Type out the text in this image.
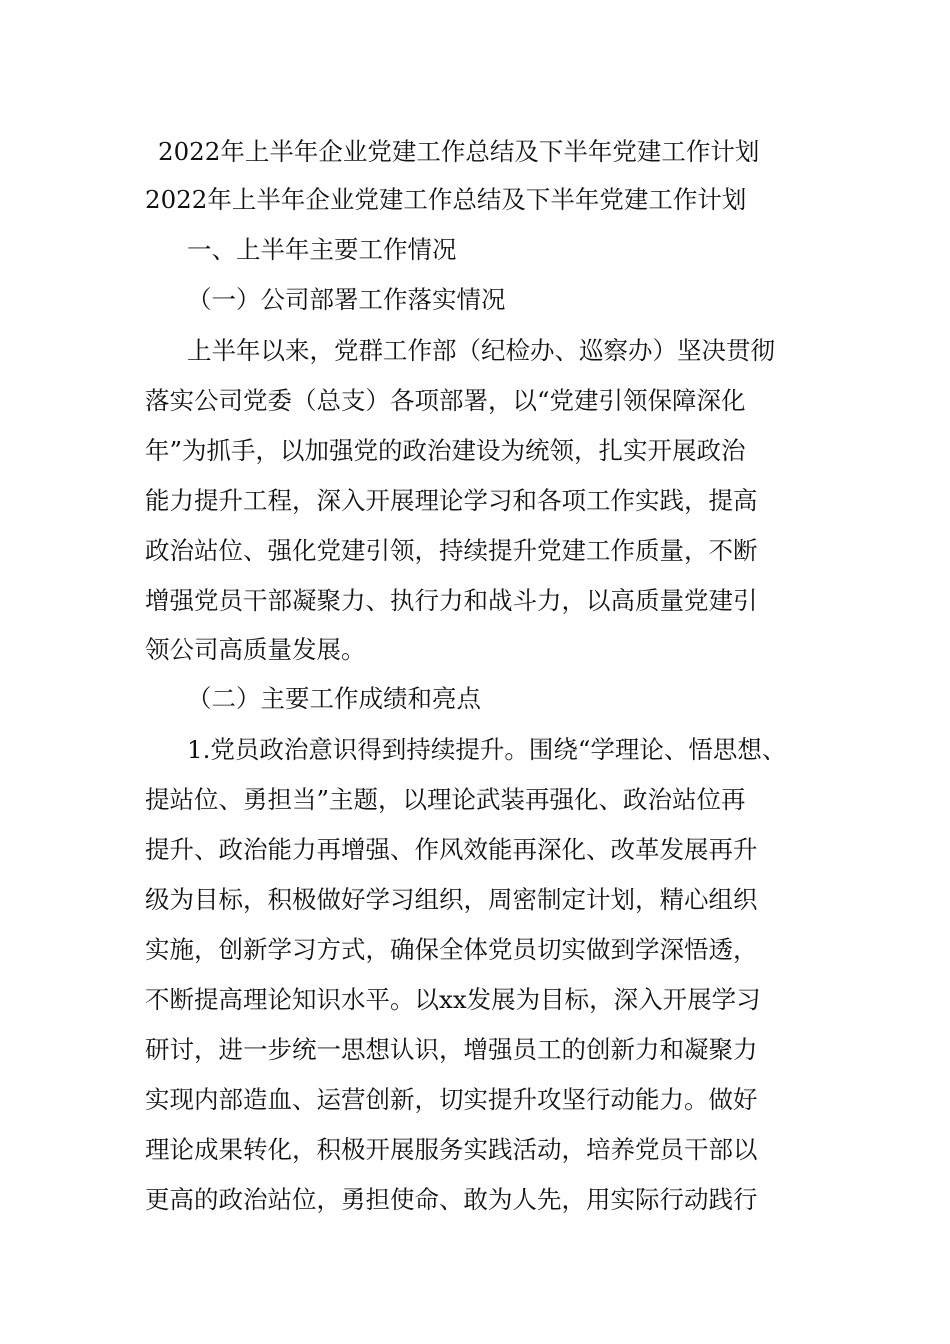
2022年上半年企业党建工作总结及下半年党建工作计划
2022年上半年企业党建工作总结及下半年党建工作计划
一、上半年主要工作情况
（一）公司部署工作落实情况
上半年以来，党群工作部（纪检办、巡察办）坚决贯彻
落实公司党委（总支）各项部署，以“党建引领保障深化
年”为抓手，以加强党的政治建设为统领，扎实开展政治
能力提升工程，深入开展理论学习和各项工作实践，提高
政治站位、强化党建引领，持续提升党建工作质量，不断
增强党员干部凝聚力、执行力和战斗力，以高质量党建引
领公司高质量发展。
（二）主要工作成绩和亮点
1.党员政治意识得到持续提升。围绕“学理论、悟思想、
提站位、勇担当”主题，以理论武装再强化、政治站位再
提升、政治能力再增强、作风效能再深化、改革发展再升
级为目标，积极做好学习组织，周密制定计划，精心组织
实施，创新学习方式，确保全体党员切实做到学深悟透，
不断提高理论知识水平。以xx发展为目标，深入开展学习
研讨，进一步统一思想认识，增强员工的创新力和凝聚力
实现内部造血、运营创新，切实提升攻坚行动能力。做好
理论成果转化，积极开展服务实践活动，培养党员干部以
更高的政治站位，勇担使命、敢为人先，用实际行动践行
